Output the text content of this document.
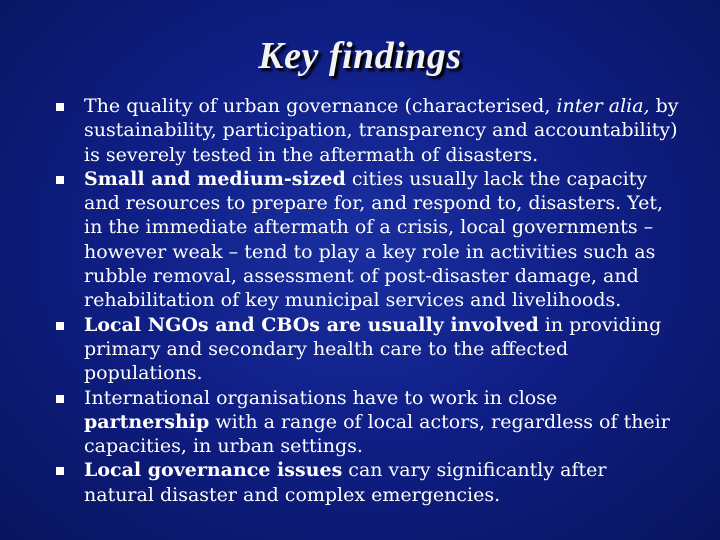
Key findings
The quality of urban governance (characterised, inter alia, by sustainability, participation, transparency and accountability) is severely tested in the aftermath of disasters.
Small and medium-sized cities usually lack the capacity and resources to prepare for, and respond to, disasters. Yet, in the immediate aftermath of a crisis, local governments – however weak – tend to play a key role in activities such as rubble removal, assessment of post-disaster damage, and rehabilitation of key municipal services and livelihoods.
Local NGOs and CBOs are usually involved in providing primary and secondary health care to the affected populations.
International organisations have to work in close partnership with a range of local actors, regardless of their capacities, in urban settings.
Local governance issues can vary significantly after natural disaster and complex emergencies.
